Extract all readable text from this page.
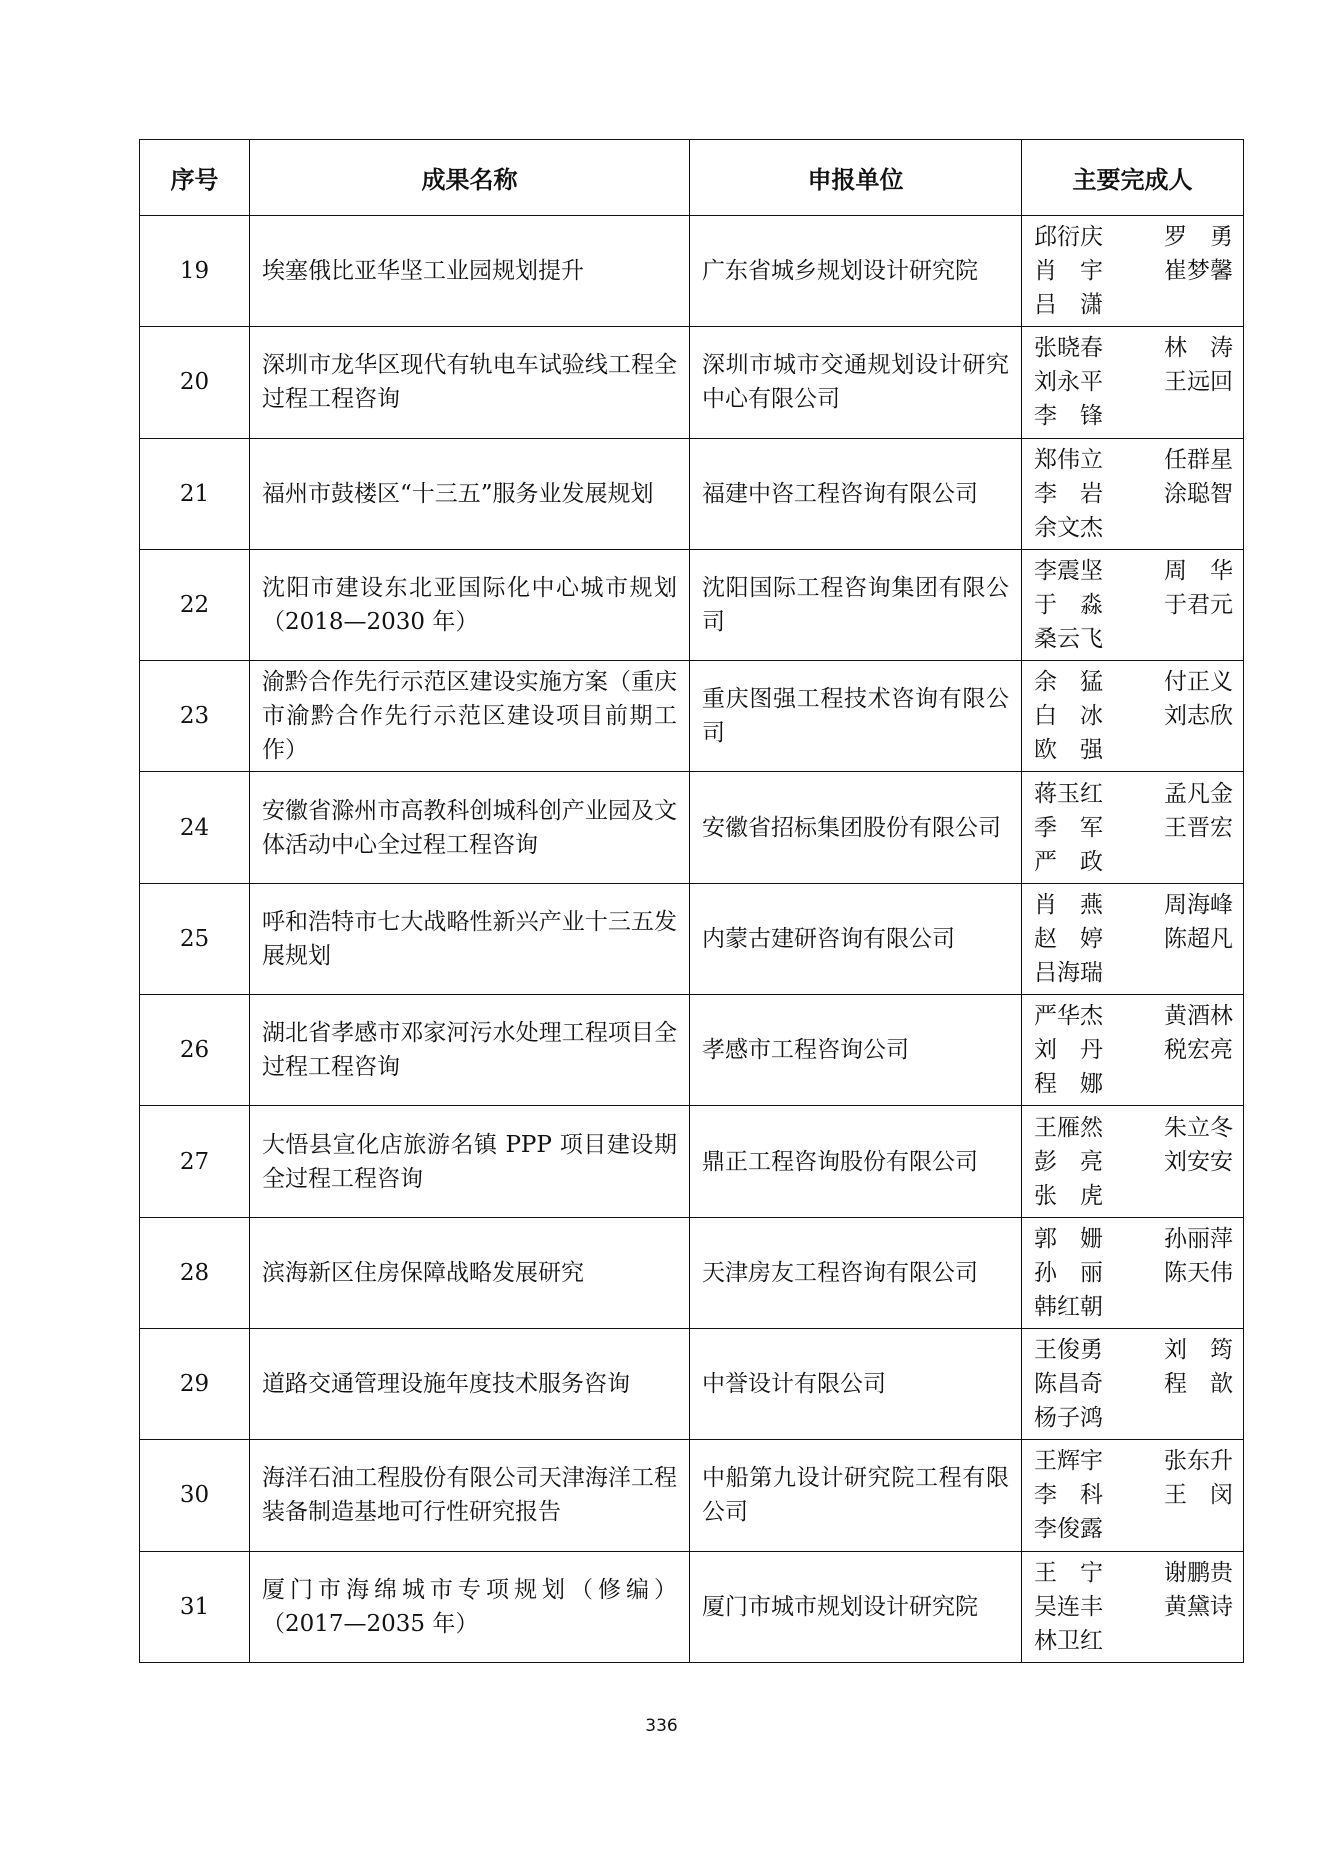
序号	成果名称	申报单位	主要完成人
19	埃塞俄比亚华坚工业园规划提升	广东省城乡规划设计研究院	邱衍庆 罗　勇
肖　宇 崔梦馨
吕　潇

20	深圳市龙华区现代有轨电车试验线工程全过程工程咨询	深圳市城市交通规划设计研究中心有限公司	张晓春 林　涛
刘永平 王远回
李　锋

21	福州市鼓楼区“十三五”服务业发展规划	福建中咨工程咨询有限公司	郑伟立 任群星
李　岩 涂聪智
余文杰

22	沈阳市建设东北亚国际化中心城市规划（2018—2030 年）	沈阳国际工程咨询集团有限公司	李震坚 周　华
于　淼 于君元
桑云飞

23	渝黔合作先行示范区建设实施方案（重庆市渝黔合作先行示范区建设项目前期工作）	重庆图强工程技术咨询有限公司	余　猛 付正义
白　冰 刘志欣
欧　强

24	安徽省滁州市高教科创城科创产业园及文体活动中心全过程工程咨询	安徽省招标集团股份有限公司	蒋玉红 孟凡金
季　军 王晋宏
严　政

25	呼和浩特市七大战略性新兴产业十三五发展规划	内蒙古建研咨询有限公司	肖　燕 周海峰
赵　婷 陈超凡
吕海瑞

26	湖北省孝感市邓家河污水处理工程项目全过程工程咨询	孝感市工程咨询公司	严华杰 黄酒林
刘　丹 税宏亮
程　娜

27	大悟县宣化店旅游名镇 PPP 项目建设期全过程工程咨询	鼎正工程咨询股份有限公司	王雁然 朱立冬
彭　亮 刘安安
张　虎

28	滨海新区住房保障战略发展研究	天津房友工程咨询有限公司	郭　姗 孙丽萍
孙　丽 陈天伟
韩红朝

29	道路交通管理设施年度技术服务咨询	中誉设计有限公司	王俊勇 刘　筠
陈昌奇 程　歆
杨子鸿

30	海洋石油工程股份有限公司天津海洋工程装备制造基地可行性研究报告	中船第九设计研究院工程有限公司	王辉宇 张东升
李　科 王　闵
李俊露

31	厦门市海绵城市专项规划（修编）（2017—2035 年）	厦门市城市规划设计研究院	王　宁 谢鹏贵
吴连丰 黄黛诗
林卫红
336
